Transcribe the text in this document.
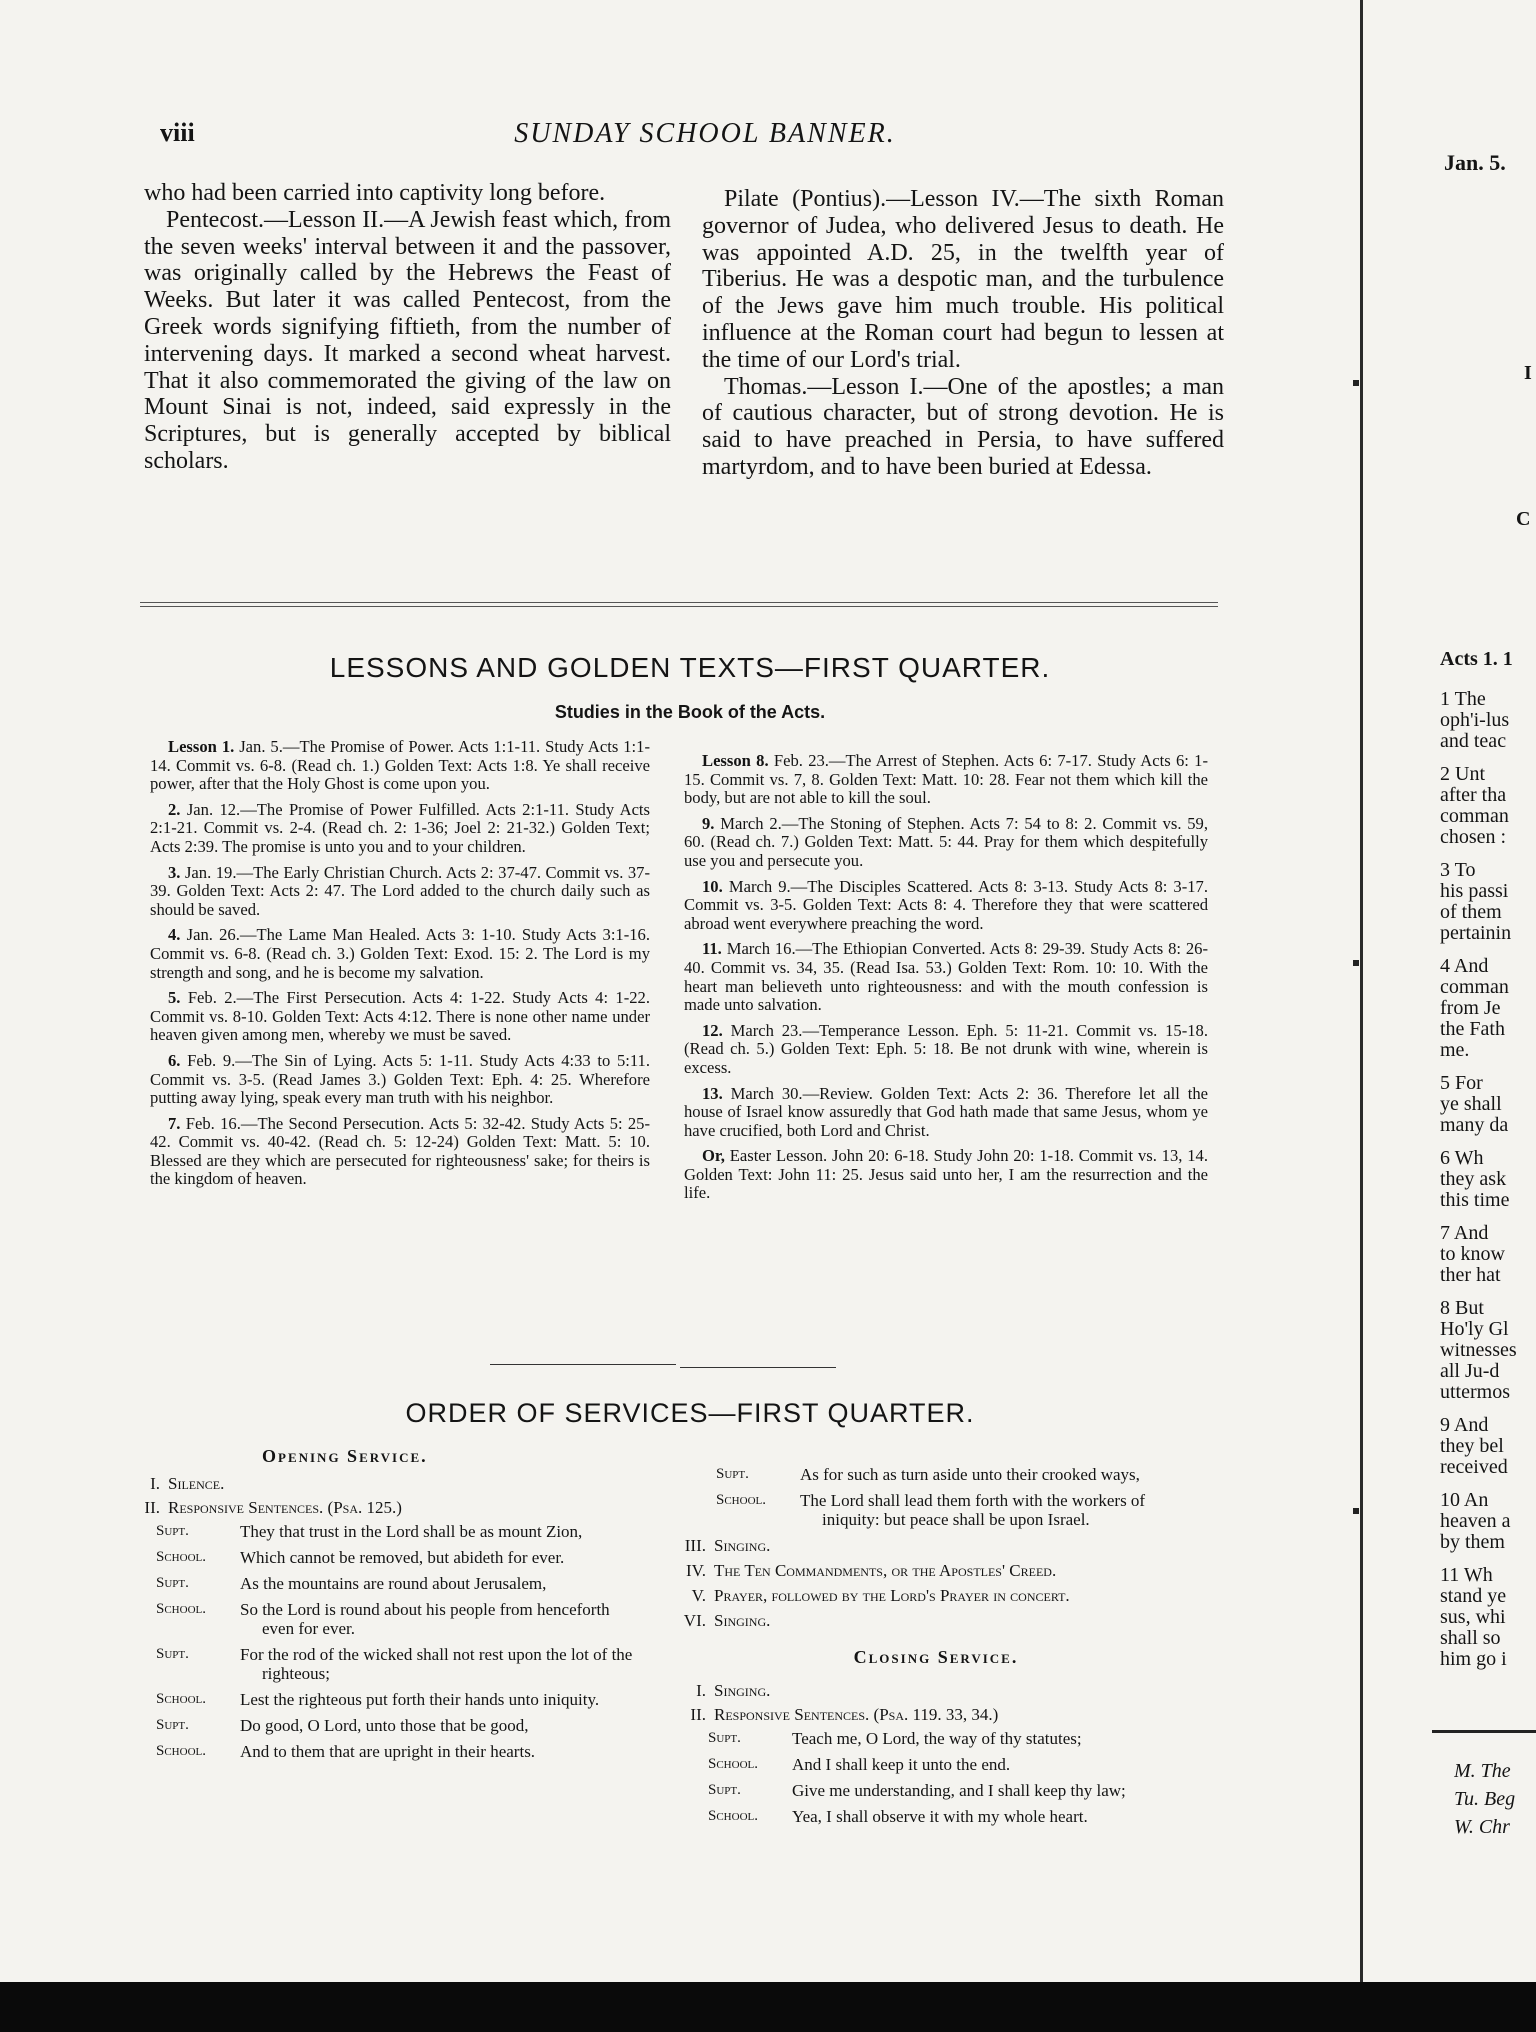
viii	SUNDAY SCHOOL BANNER.

who had been carried into captivity long before.

Pentecost.—Lesson II.—A Jewish feast which, from the seven weeks' interval between it and the passover, was originally called by the Hebrews the Feast of Weeks. But later it was called Pentecost, from the Greek words signifying fiftieth, from the number of intervening days. It marked a second wheat harvest. That it also commemorated the giving of the law on Mount Sinai is not, indeed, said expressly in the Scriptures, but is generally accepted by biblical scholars.

Pilate (Pontius).—Lesson IV.—The sixth Roman governor of Judea, who delivered Jesus to death. He was appointed A.D. 25, in the twelfth year of Tiberius. He was a despotic man, and the turbulence of the Jews gave him much trouble. His political influence at the Roman court had begun to lessen at the time of our Lord's trial.

Thomas.—Lesson I.—One of the apostles; a man of cautious character, but of strong devotion. He is said to have preached in Persia, to have suffered martyrdom, and to have been buried at Edessa.

LESSONS AND GOLDEN TEXTS—FIRST QUARTER.
Studies in the Book of the Acts.

Lesson 1. Jan. 5.—The Promise of Power. Acts 1:1-11. Study Acts 1:1-14. Commit vs. 6-8. (Read ch. 1.) Golden Text: Acts 1:8. Ye shall receive power, after that the Holy Ghost is come upon you.

2. Jan. 12.—The Promise of Power Fulfilled. Acts 2:1-11. Study Acts 2:1-21. Commit vs. 2-4. (Read ch. 2: 1-36; Joel 2: 21-32.) Golden Text; Acts 2:39. The promise is unto you and to your children.

3. Jan. 19.—The Early Christian Church. Acts 2: 37-47. Commit vs. 37-39. Golden Text: Acts 2: 47. The Lord added to the church daily such as should be saved.

4. Jan. 26.—The Lame Man Healed. Acts 3: 1-10. Study Acts 3:1-16. Commit vs. 6-8. (Read ch. 3.) Golden Text: Exod. 15: 2. The Lord is my strength and song, and he is become my salvation.

5. Feb. 2.—The First Persecution. Acts 4: 1-22. Study Acts 4: 1-22. Commit vs. 8-10. Golden Text: Acts 4:12. There is none other name under heaven given among men, whereby we must be saved.

6. Feb. 9.—The Sin of Lying. Acts 5: 1-11. Study Acts 4:33 to 5:11. Commit vs. 3-5. (Read James 3.) Golden Text: Eph. 4: 25. Wherefore putting away lying, speak every man truth with his neighbor.

7. Feb. 16.—The Second Persecution. Acts 5: 32-42. Study Acts 5: 25-42. Commit vs. 40-42. (Read ch. 5: 12-24) Golden Text: Matt. 5: 10. Blessed are they which are persecuted for righteousness' sake; for theirs is the kingdom of heaven.

Lesson 8. Feb. 23.—The Arrest of Stephen. Acts 6: 7-17. Study Acts 6: 1-15. Commit vs. 7, 8. Golden Text: Matt. 10: 28. Fear not them which kill the body, but are not able to kill the soul.

9. March 2.—The Stoning of Stephen. Acts 7: 54 to 8: 2. Commit vs. 59, 60. (Read ch. 7.) Golden Text: Matt. 5: 44. Pray for them which despitefully use you and persecute you.

10. March 9.—The Disciples Scattered. Acts 8: 3-13. Study Acts 8: 3-17. Commit vs. 3-5. Golden Text: Acts 8: 4. Therefore they that were scattered abroad went everywhere preaching the word.

11. March 16.—The Ethiopian Converted. Acts 8: 29-39. Study Acts 8: 26-40. Commit vs. 34, 35. (Read Isa. 53.) Golden Text: Rom. 10: 10. With the heart man believeth unto righteousness: and with the mouth confession is made unto salvation.

12. March 23.—Temperance Lesson. Eph. 5: 11-21. Commit vs. 15-18. (Read ch. 5.) Golden Text: Eph. 5: 18. Be not drunk with wine, wherein is excess.

13. March 30.—Review. Golden Text: Acts 2: 36. Therefore let all the house of Israel know assuredly that God hath made that same Jesus, whom ye have crucified, both Lord and Christ.

Or, Easter Lesson. John 20: 6-18. Study John 20: 1-18. Commit vs. 13, 14. Golden Text: John 11: 25. Jesus said unto her, I am the resurrection and the life.

ORDER OF SERVICES—FIRST QUARTER.
Opening Service.
I. Silence.
II. Responsive Sentences. (Psa. 125.)
Supt.	They that trust in the Lord shall be as mount Zion,
School. Which cannot be removed, but abideth for ever.
Supt.	As the mountains are round about Jerusalem,
School. So the Lord is round about his people from henceforth even for ever.
Supt.	For the rod of the wicked shall not rest upon the lot of the righteous;
School. Lest the righteous put forth their hands unto iniquity.
Supt.	Do good, O Lord, unto those that be good,
School. And to them that are upright in their hearts.
Supt.	As for such as turn aside unto their crooked ways,
School. The Lord shall lead them forth with the workers of iniquity: but peace shall be upon Israel.
III. Singing.
IV. The Ten Commandments, or the Apostles' Creed.
V. Prayer, followed by the Lord's Prayer in concert.
VI. Singing.
Closing Service.
I. Singing.
II. Responsive Sentences. (Psa. 119. 33, 34.)
Supt.	Teach me, O Lord, the way of thy statutes;
School. And I shall keep it unto the end.
Supt.	Give me understanding, and I shall keep thy law;
School. Yea, I shall observe it with my whole heart.
Jan. 5.
I
C
Acts 1. 1
1 The
oph'i-lus
and teac
2 Unt
after tha
comman
chosen :
3 To
his passi
of them
pertainin
4 And
comman
from Je
the Fath
me.
5 For
ye shall
many da
6 Wh
they ask
this time
7 And
to know
ther hat
8 But
Ho'ly Gl
witnesses
all Ju-d
uttermos
9 And
they bel
received
10 An
heaven a
by them
11 Wh
stand ye
sus, whi
shall so
him go i
M. The
Tu. Beg
W. Chr
